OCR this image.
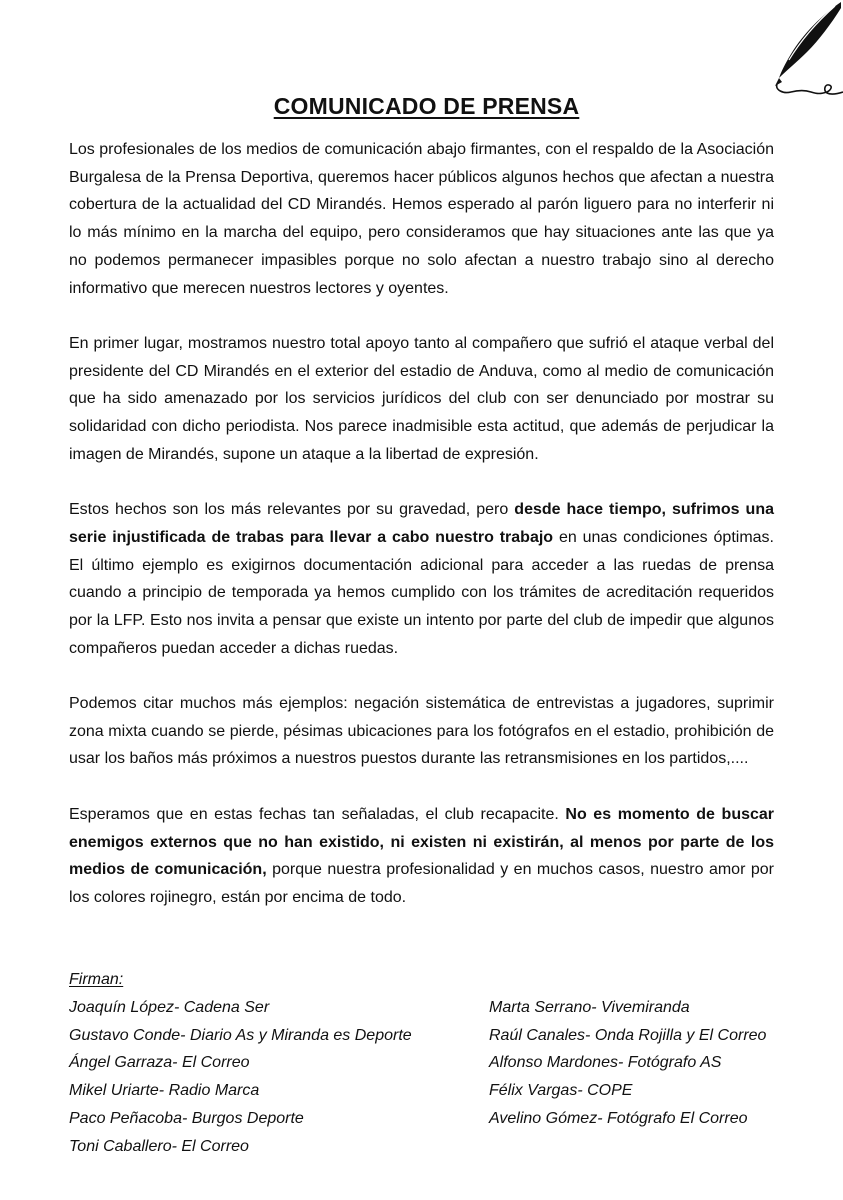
COMUNICADO DE PRENSA

Los profesionales de los medios de comunicación abajo firmantes, con el respaldo de la Asociación Burgalesa de la Prensa Deportiva, queremos hacer públicos algunos hechos que afectan a nuestra cobertura de la actualidad del CD Mirandés. Hemos esperado al parón liguero para no interferir ni lo más mínimo en la marcha del equipo, pero consideramos que hay situaciones ante las que ya no podemos permanecer impasibles porque no solo afectan a nuestro trabajo sino al derecho informativo que merecen nuestros lectores y oyentes.

En primer lugar, mostramos nuestro total apoyo tanto al compañero que sufrió el ataque verbal del presidente del CD Mirandés en el exterior del estadio de Anduva, como al medio de comunicación que ha sido amenazado por los servicios jurídicos del club con ser denunciado por mostrar su solidaridad con dicho periodista. Nos parece inadmisible esta actitud, que además de perjudicar la imagen de Mirandés, supone un ataque a la libertad de expresión.

Estos hechos son los más relevantes por su gravedad, pero desde hace tiempo, sufrimos una serie injustificada de trabas para llevar a cabo nuestro trabajo en unas condiciones óptimas. El último ejemplo es exigirnos documentación adicional para acceder a las ruedas de prensa cuando a principio de temporada ya hemos cumplido con los trámites de acreditación requeridos por la LFP. Esto nos invita a pensar que existe un intento por parte del club de impedir que algunos compañeros puedan acceder a dichas ruedas.

Podemos citar muchos más ejemplos: negación sistemática de entrevistas a jugadores, suprimir zona mixta cuando se pierde, pésimas ubicaciones para los fotógrafos en el estadio, prohibición de usar los baños más próximos a nuestros puestos durante las retransmisiones en los partidos,....

Esperamos que en estas fechas tan señaladas, el club recapacite. No es momento de buscar enemigos externos que no han existido, ni existen ni existirán, al menos por parte de los medios de comunicación, porque nuestra profesionalidad y en muchos casos, nuestro amor por los colores rojinegro, están por encima de todo.

Firman:
Joaquín López- Cadena Ser
Gustavo Conde- Diario As y Miranda es Deporte
Ángel Garraza- El Correo
Mikel Uriarte- Radio Marca
Paco Peñacoba- Burgos Deporte
Toni Caballero- El Correo
Marta Serrano- Vivemiranda
Raúl Canales- Onda Rojilla y El Correo
Alfonso Mardones- Fotógrafo AS
Félix Vargas- COPE
Avelino Gómez- Fotógrafo El Correo
